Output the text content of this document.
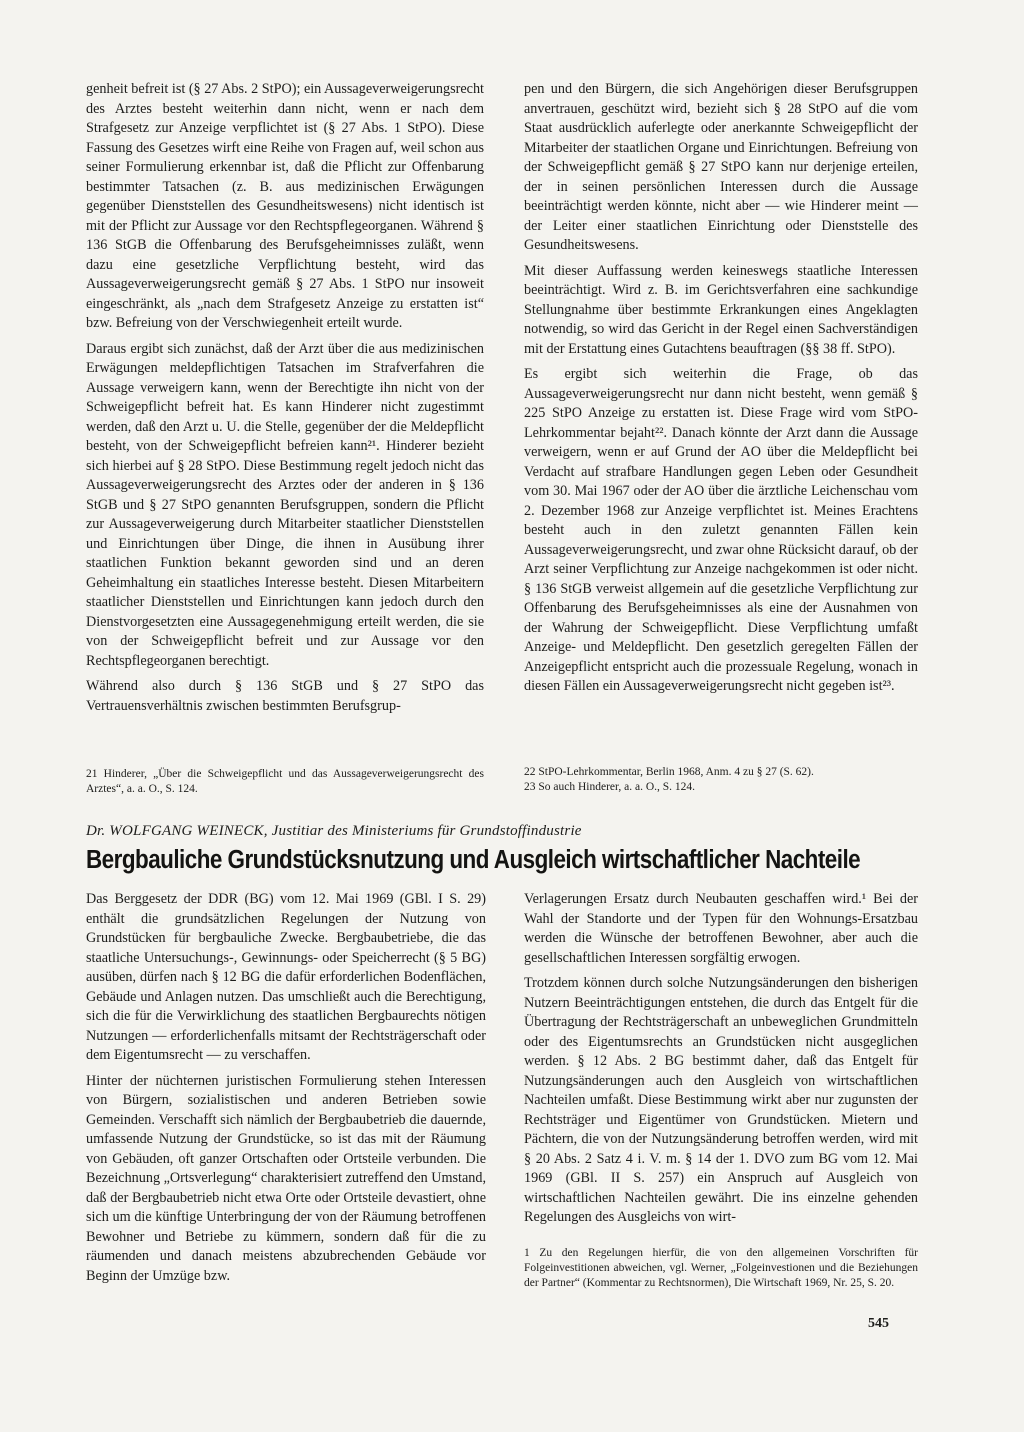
genheit befreit ist (§ 27 Abs. 2 StPO); ein Aussageverweigerungsrecht des Arztes besteht weiterhin dann nicht, wenn er nach dem Strafgesetz zur Anzeige verpflichtet ist (§ 27 Abs. 1 StPO). Diese Fassung des Gesetzes wirft eine Reihe von Fragen auf, weil schon aus seiner Formulierung erkennbar ist, daß die Pflicht zur Offenbarung bestimmter Tatsachen (z. B. aus medizinischen Erwägungen gegenüber Dienststellen des Gesundheitswesens) nicht identisch ist mit der Pflicht zur Aussage vor den Rechtspflegeorganen. Während § 136 StGB die Offenbarung des Berufsgeheimnisses zuläßt, wenn dazu eine gesetzliche Verpflichtung besteht, wird das Aussageverweigerungsrecht gemäß § 27 Abs. 1 StPO nur insoweit eingeschränkt, als „nach dem Strafgesetz Anzeige zu erstatten ist“ bzw. Befreiung von der Verschwiegenheit erteilt wurde.

Daraus ergibt sich zunächst, daß der Arzt über die aus medizinischen Erwägungen meldepflichtigen Tatsachen im Strafverfahren die Aussage verweigern kann, wenn der Berechtigte ihn nicht von der Schweigepflicht befreit hat. Es kann Hinderer nicht zugestimmt werden, daß den Arzt u. U. die Stelle, gegenüber der die Meldepflicht besteht, von der Schweigepflicht befreien kann²¹. Hinderer bezieht sich hierbei auf § 28 StPO. Diese Bestimmung regelt jedoch nicht das Aussageverweigerungsrecht des Arztes oder der anderen in § 136 StGB und § 27 StPO genannten Berufsgruppen, sondern die Pflicht zur Aussageverweigerung durch Mitarbeiter staatlicher Dienststellen und Einrichtungen über Dinge, die ihnen in Ausübung ihrer staatlichen Funktion bekannt geworden sind und an deren Geheimhaltung ein staatliches Interesse besteht. Diesen Mitarbeitern staatlicher Dienststellen und Einrichtungen kann jedoch durch den Dienstvorgesetzten eine Aussagegenehmigung erteilt werden, die sie von der Schweigepflicht befreit und zur Aussage vor den Rechtspflegeorganen berechtigt.

Während also durch § 136 StGB und § 27 StPO das Vertrauensverhältnis zwischen bestimmten Berufsgrup-

21 Hinderer, „Über die Schweigepflicht und das Aussageverweigerungsrecht des Arztes“, a. a. O., S. 124.

pen und den Bürgern, die sich Angehörigen dieser Berufsgruppen anvertrauen, geschützt wird, bezieht sich § 28 StPO auf die vom Staat ausdrücklich auferlegte oder anerkannte Schweigepflicht der Mitarbeiter der staatlichen Organe und Einrichtungen. Befreiung von der Schweigepflicht gemäß § 27 StPO kann nur derjenige erteilen, der in seinen persönlichen Interessen durch die Aussage beeinträchtigt werden könnte, nicht aber — wie Hinderer meint — der Leiter einer staatlichen Einrichtung oder Dienststelle des Gesundheitswesens.

Mit dieser Auffassung werden keineswegs staatliche Interessen beeinträchtigt. Wird z. B. im Gerichtsverfahren eine sachkundige Stellungnahme über bestimmte Erkrankungen eines Angeklagten notwendig, so wird das Gericht in der Regel einen Sachverständigen mit der Erstattung eines Gutachtens beauftragen (§§ 38 ff. StPO).

Es ergibt sich weiterhin die Frage, ob das Aussageverweigerungsrecht nur dann nicht besteht, wenn gemäß § 225 StPO Anzeige zu erstatten ist. Diese Frage wird vom StPO-Lehrkommentar bejaht²². Danach könnte der Arzt dann die Aussage verweigern, wenn er auf Grund der AO über die Meldepflicht bei Verdacht auf strafbare Handlungen gegen Leben oder Gesundheit vom 30. Mai 1967 oder der AO über die ärztliche Leichenschau vom 2. Dezember 1968 zur Anzeige verpflichtet ist. Meines Erachtens besteht auch in den zuletzt genannten Fällen kein Aussageverweigerungsrecht, und zwar ohne Rücksicht darauf, ob der Arzt seiner Verpflichtung zur Anzeige nachgekommen ist oder nicht. § 136 StGB verweist allgemein auf die gesetzliche Verpflichtung zur Offenbarung des Berufsgeheimnisses als eine der Ausnahmen von der Wahrung der Schweigepflicht. Diese Verpflichtung umfaßt Anzeige- und Meldepflicht. Den gesetzlich geregelten Fällen der Anzeigepflicht entspricht auch die prozessuale Regelung, wonach in diesen Fällen ein Aussageverweigerungsrecht nicht gegeben ist²³.

22 StPO-Lehrkommentar, Berlin 1968, Anm. 4 zu § 27 (S. 62).

23 So auch Hinderer, a. a. O., S. 124.

Dr. WOLFGANG WEINECK, Justitiar des Ministeriums für Grundstoffindustrie
Bergbauliche Grundstücksnutzung und Ausgleich wirtschaftlicher Nachteile

Das Berggesetz der DDR (BG) vom 12. Mai 1969 (GBl. I S. 29) enthält die grundsätzlichen Regelungen der Nutzung von Grundstücken für bergbauliche Zwecke. Bergbaubetriebe, die das staatliche Untersuchungs-, Gewinnungs- oder Speicherrecht (§ 5 BG) ausüben, dürfen nach § 12 BG die dafür erforderlichen Bodenflächen, Gebäude und Anlagen nutzen. Das umschließt auch die Berechtigung, sich die für die Verwirklichung des staatlichen Bergbaurechts nötigen Nutzungen — erforderlichenfalls mitsamt der Rechtsträgerschaft oder dem Eigentumsrecht — zu verschaffen.

Hinter der nüchternen juristischen Formulierung stehen Interessen von Bürgern, sozialistischen und anderen Betrieben sowie Gemeinden. Verschafft sich nämlich der Bergbaubetrieb die dauernde, umfassende Nutzung der Grundstücke, so ist das mit der Räumung von Gebäuden, oft ganzer Ortschaften oder Ortsteile verbunden. Die Bezeichnung „Ortsverlegung“ charakterisiert zutreffend den Umstand, daß der Bergbaubetrieb nicht etwa Orte oder Ortsteile devastiert, ohne sich um die künftige Unterbringung der von der Räumung betroffenen Bewohner und Betriebe zu kümmern, sondern daß für die zu räumenden und danach meistens abzubrechenden Gebäude vor Beginn der Umzüge bzw.

Verlagerungen Ersatz durch Neubauten geschaffen wird.¹ Bei der Wahl der Standorte und der Typen für den Wohnungs-Ersatzbau werden die Wünsche der betroffenen Bewohner, aber auch die gesellschaftlichen Interessen sorgfältig erwogen.

Trotzdem können durch solche Nutzungsänderungen den bisherigen Nutzern Beeinträchtigungen entstehen, die durch das Entgelt für die Übertragung der Rechtsträgerschaft an unbeweglichen Grundmitteln oder des Eigentumsrechts an Grundstücken nicht ausgeglichen werden. § 12 Abs. 2 BG bestimmt daher, daß das Entgelt für Nutzungsänderungen auch den Ausgleich von wirtschaftlichen Nachteilen umfaßt. Diese Bestimmung wirkt aber nur zugunsten der Rechtsträger und Eigentümer von Grundstücken. Mietern und Pächtern, die von der Nutzungsänderung betroffen werden, wird mit § 20 Abs. 2 Satz 4 i. V. m. § 14 der 1. DVO zum BG vom 12. Mai 1969 (GBl. II S. 257) ein Anspruch auf Ausgleich von wirtschaftlichen Nachteilen gewährt. Die ins einzelne gehenden Regelungen des Ausgleichs von wirt-

1 Zu den Regelungen hierfür, die von den allgemeinen Vorschriften für Folgeinvestitionen abweichen, vgl. Werner, „Folgeinvestionen und die Beziehungen der Partner“ (Kommentar zu Rechtsnormen), Die Wirtschaft 1969, Nr. 25, S. 20.

545
